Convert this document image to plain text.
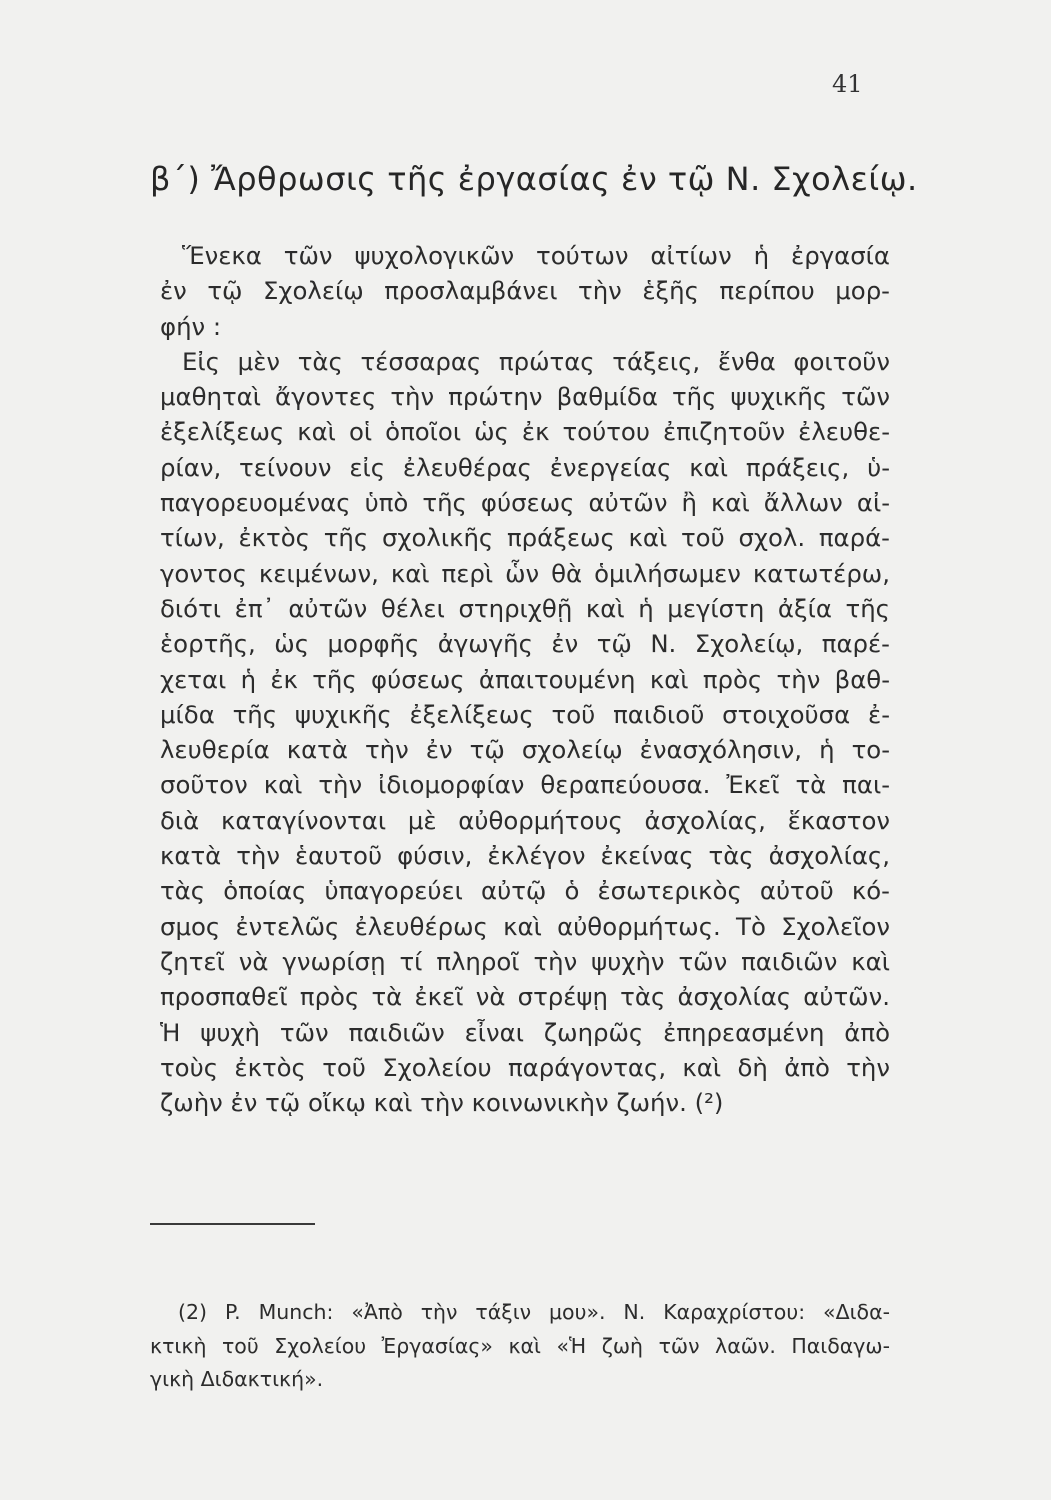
41
β΄) Ἄρθρωσις τῆς ἐργασίας ἐν τῷ Ν. Σχολείῳ.
Ἕνεκα τῶν ψυχολογικῶν τούτων αἰτίων ἡ ἐργασία
ἐν τῷ Σχολείῳ προσλαμβάνει τὴν ἑξῆς περίπου μορ-
φήν :
Εἰς μὲν τὰς τέσσαρας πρώτας τάξεις, ἔνθα φοιτοῦν
μαθηταὶ ἄγοντες τὴν πρώτην βαθμίδα τῆς ψυχικῆς τῶν
ἐξελίξεως καὶ οἱ ὁποῖοι ὡς ἐκ τούτου ἐπιζητοῦν ἐλευθε-
ρίαν, τείνουν εἰς ἐλευθέρας ἐνεργείας καὶ πράξεις, ὑ-
παγορευομένας ὑπὸ τῆς φύσεως αὐτῶν ἢ καὶ ἄλλων αἰ-
τίων, ἐκτὸς τῆς σχολικῆς πράξεως καὶ τοῦ σχολ. παρά-
γοντος κειμένων, καὶ περὶ ὧν θὰ ὁμιλήσωμεν κατωτέρω,
διότι ἐπ᾿ αὐτῶν θέλει στηριχθῇ καὶ ἡ μεγίστη ἀξία τῆς
ἑορτῆς, ὡς μορφῆς ἀγωγῆς ἐν τῷ Ν. Σχολείῳ, παρέ-
χεται ἡ ἐκ τῆς φύσεως ἀπαιτουμένη καὶ πρὸς τὴν βαθ-
μίδα τῆς ψυχικῆς ἐξελίξεως τοῦ παιδιοῦ στοιχοῦσα ἐ-
λευθερία κατὰ τὴν ἐν τῷ σχολείῳ ἐνασχόλησιν, ἡ το-
σοῦτον καὶ τὴν ἰδιομορφίαν θεραπεύουσα. Ἐκεῖ τὰ παι-
διὰ καταγίνονται μὲ αὐθορμήτους ἀσχολίας, ἕκαστον
κατὰ τὴν ἑαυτοῦ φύσιν, ἐκλέγον ἐκείνας τὰς ἀσχολίας,
τὰς ὁποίας ὑπαγορεύει αὐτῷ ὁ ἐσωτερικὸς αὐτοῦ κό-
σμος ἐντελῶς ἐλευθέρως καὶ αὐθορμήτως. Τὸ Σχολεῖον
ζητεῖ νὰ γνωρίσῃ τί πληροῖ τὴν ψυχὴν τῶν παιδιῶν καὶ
προσπαθεῖ πρὸς τὰ ἐκεῖ νὰ στρέψῃ τὰς ἀσχολίας αὐτῶν.
Ἡ ψυχὴ τῶν παιδιῶν εἶναι ζωηρῶς ἐπηρεασμένη ἀπὸ
τοὺς ἐκτὸς τοῦ Σχολείου παράγοντας, καὶ δὴ ἀπὸ τὴν
ζωὴν ἐν τῷ οἴκῳ καὶ τὴν κοινωνικὴν ζωήν. (²)
(2) P. Munch: «Ἀπὸ τὴν τάξιν μου». Ν. Καραχρίστου: «Διδα-
κτικὴ τοῦ Σχολείου Ἐργασίας» καὶ «Ἡ ζωὴ τῶν λαῶν. Παιδαγω-
γικὴ Διδακτική».
